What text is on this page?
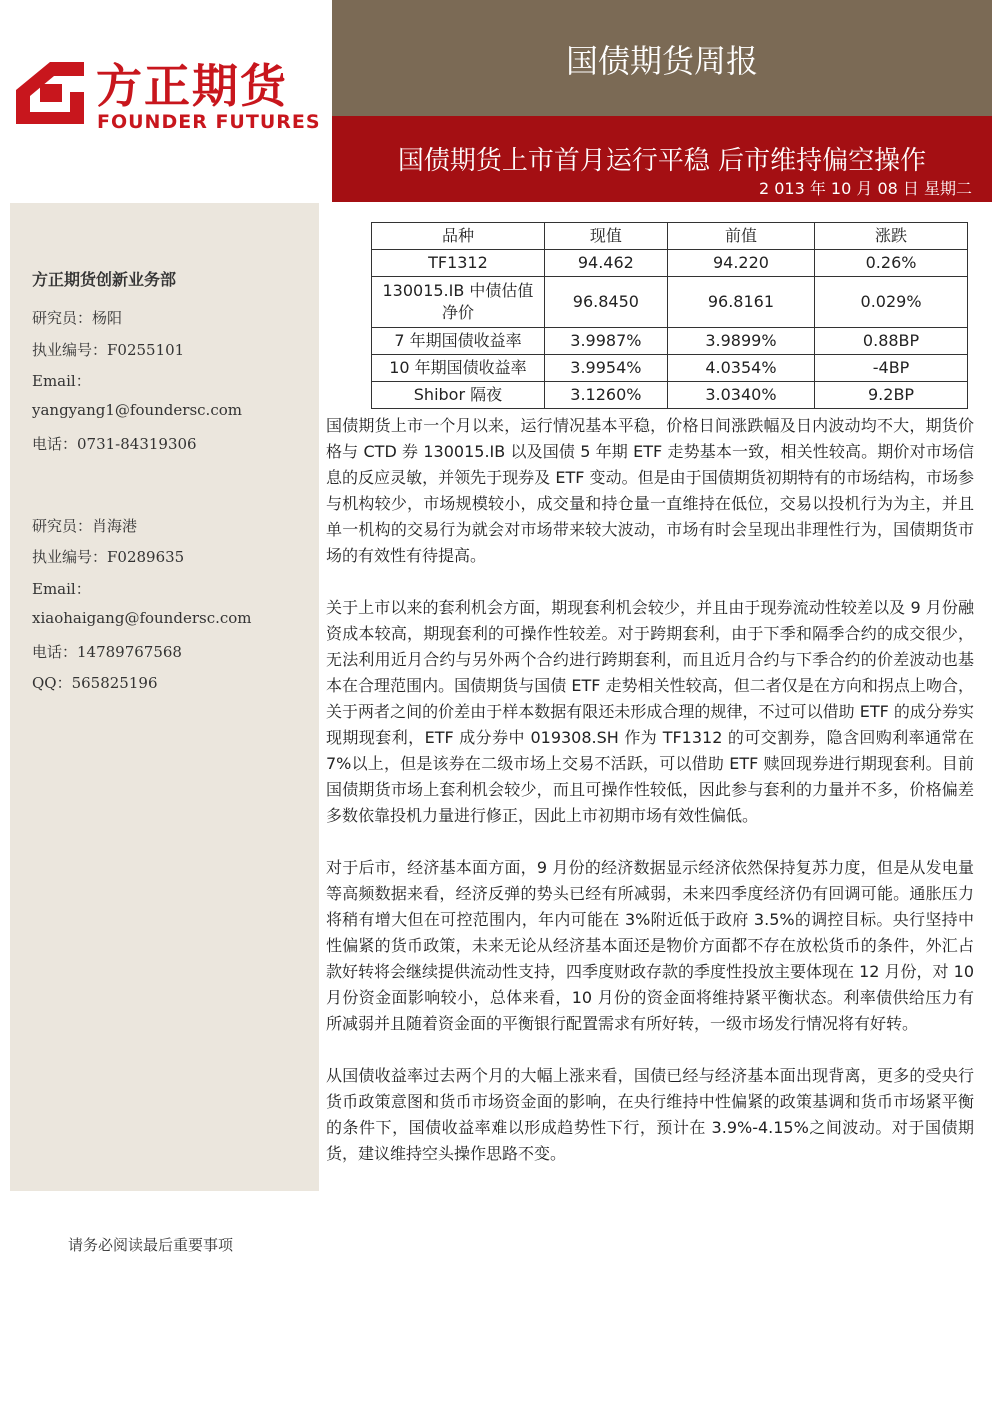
方正期货
FOUNDER FUTURES
国债期货周报
国债期货上市首月运行平稳 后市维持偏空操作
2 013 年 10 月 08 日 星期二
方正期货创新业务部
研究员：杨阳
执业编号：F0255101
Email：
yangyang1@foundersc.com
电话：0731-84319306
研究员：肖海港
执业编号：F0289635
Email：
xiaohaigang@foundersc.com
电话：14789767568
QQ：565825196
品种	现值	前值	涨跌
TF1312	94.462	94.220	0.26%
130015.IB 中债估值净价	96.8450	96.8161	0.029%
7 年期国债收益率	3.9987%	3.9899%	0.88BP
10 年期国债收益率	3.9954%	4.0354%	-4BP
Shibor 隔夜	3.1260%	3.0340%	9.2BP

国债期货上市一个月以来，运行情况基本平稳，价格日间涨跌幅及日内波动均不大，期货价格与 CTD 券 130015.IB 以及国债 5 年期 ETF 走势基本一致，相关性较高。期价对市场信息的反应灵敏，并领先于现券及 ETF 变动。但是由于国债期货初期特有的市场结构，市场参与机构较少，市场规模较小，成交量和持仓量一直维持在低位，交易以投机行为为主，并且单一机构的交易行为就会对市场带来较大波动，市场有时会呈现出非理性行为，国债期货市场的有效性有待提高。

关于上市以来的套利机会方面，期现套利机会较少，并且由于现券流动性较差以及 9 月份融资成本较高，期现套利的可操作性较差。对于跨期套利，由于下季和隔季合约的成交很少，无法利用近月合约与另外两个合约进行跨期套利，而且近月合约与下季合约的价差波动也基本在合理范围内。国债期货与国债 ETF 走势相关性较高，但二者仅是在方向和拐点上吻合，关于两者之间的价差由于样本数据有限还未形成合理的规律，不过可以借助 ETF 的成分券实现期现套利，ETF 成分券中 019308.SH 作为 TF1312 的可交割券，隐含回购利率通常在 7%以上，但是该券在二级市场上交易不活跃，可以借助 ETF 赎回现券进行期现套利。目前国债期货市场上套利机会较少，而且可操作性较低，因此参与套利的力量并不多，价格偏差多数依靠投机力量进行修正，因此上市初期市场有效性偏低。

对于后市，经济基本面方面，9 月份的经济数据显示经济依然保持复苏力度，但是从发电量等高频数据来看，经济反弹的势头已经有所减弱，未来四季度经济仍有回调可能。通胀压力将稍有增大但在可控范围内，年内可能在 3%附近低于政府 3.5%的调控目标。央行坚持中性偏紧的货币政策，未来无论从经济基本面还是物价方面都不存在放松货币的条件，外汇占款好转将会继续提供流动性支持，四季度财政存款的季度性投放主要体现在 12 月份，对 10 月份资金面影响较小，总体来看，10 月份的资金面将维持紧平衡状态。利率债供给压力有所减弱并且随着资金面的平衡银行配置需求有所好转，一级市场发行情况将有好转。

从国债收益率过去两个月的大幅上涨来看，国债已经与经济基本面出现背离，更多的受央行货币政策意图和货币市场资金面的影响，在央行维持中性偏紧的政策基调和货币市场紧平衡的条件下，国债收益率难以形成趋势性下行，预计在 3.9%-4.15%之间波动。对于国债期货，建议维持空头操作思路不变。

请务必阅读最后重要事项
